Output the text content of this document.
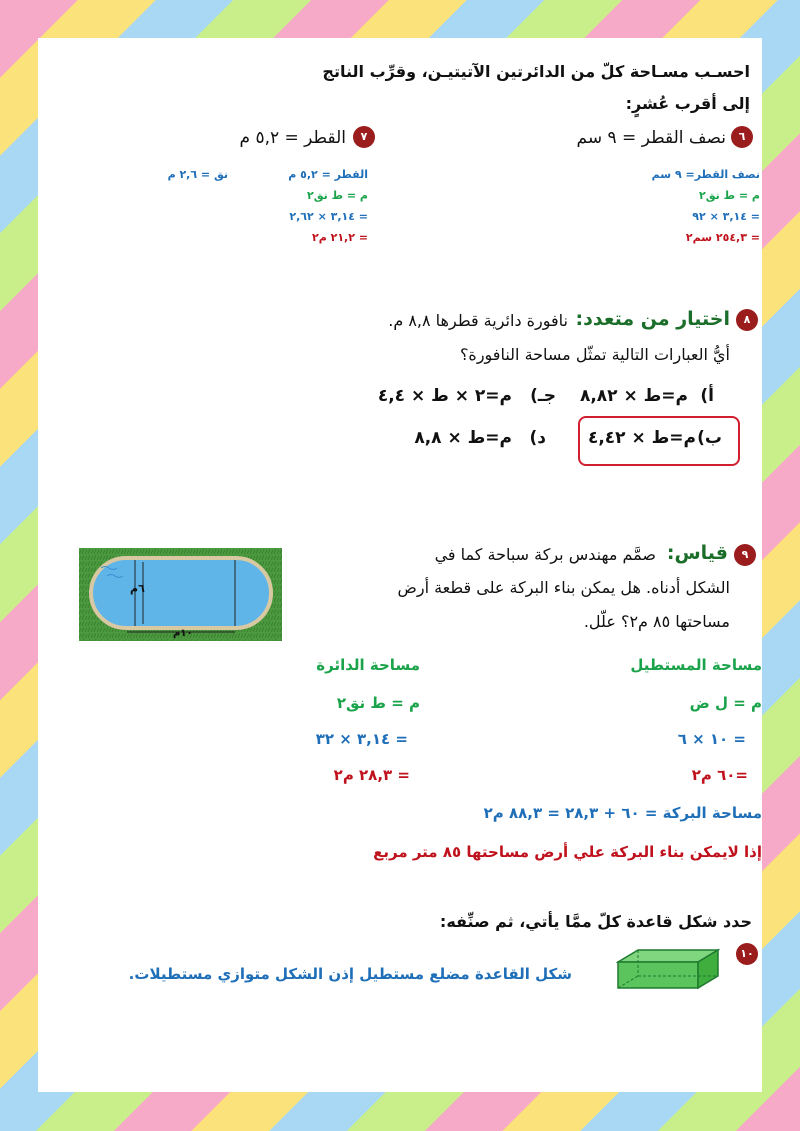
احسـب مسـاحة كلّ من الدائرتين الآتيتيـن، وقرِّب الناتج
إلى أقرب عُشرٍ:
٦
نصف القطر = ٩ سم
نصف القطر= ٩ سم
م = ط نق٢
= ٣,١٤ × ٩٢
= ٢٥٤,٣ سم٢
٧
القطر = ٥,٢ م
القطر = ٥,٢ م
نق = ٢,٦ م
م = ط نق٢
= ٣,١٤ × ٢,٦٢
= ٢١,٢ م٢
٨
اختيار من متعدد:
نافورة دائرية قطرها ٨,٨ م.
أيُّ العبارات التالية تمثّل مساحة النافورة؟
أ)
م=ط × ٨,٨٢
جـ)
م=٢ × ط × ٤,٤
ب)
م=ط × ٤,٤٢
د)
م=ط × ٨,٨
٩
قياس:
صمَّم مهندس بركة سباحة كما في
الشكل أدناه. هل يمكن بناء البركة على قطعة أرض
مساحتها ٨٥ م٢؟ علّل.
٦م
١٠م
مساحة المستطيل
مساحة الدائرة
م = ل ض
م = ط نق٢
= ١٠ × ٦
= ٣,١٤ × ٣٢
=٦٠ م٢
= ٢٨,٣ م٢
مساحة البركة = ٦٠ + ٢٨,٣ = ٨٨,٣ م٢
إذا لايمكن بناء البركة علي أرض مساحتها ٨٥ متر مربع
حدد شكل قاعدة كلّ ممَّا يأتي، ثم صنِّفه:
١٠
شكل القاعدة مضلع مستطيل إذن الشكل متوازي مستطيلات.
